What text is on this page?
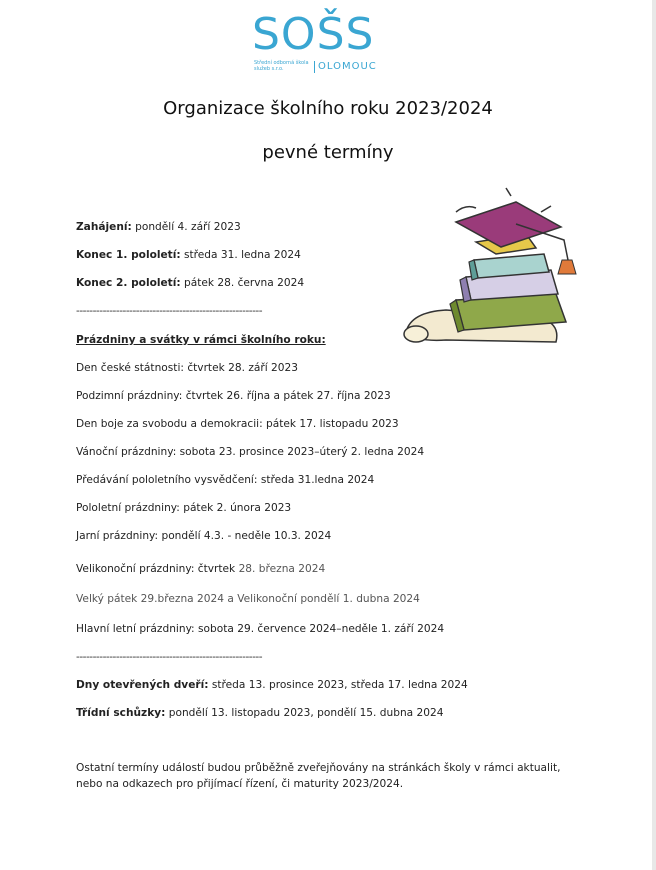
SOŠS
Střední odborná škola služeb s.r.o.	OLOMOUC
Organizace školního roku 2023/2024
pevné termíny
Zahájení: pondělí 4. září 2023
Konec 1. pololetí: středa 31. ledna 2024
Konec 2. pololetí: pátek 28. června 2024
--------------------------------------------------------
Prázdniny a svátky v rámci školního roku:
Den české státnosti: čtvrtek 28. září 2023
Podzimní prázdniny: čtvrtek 26. října a pátek 27. října 2023
Den boje za svobodu a demokracii: pátek 17. listopadu 2023
Vánoční prázdniny: sobota 23. prosince 2023–úterý 2. ledna 2024
Předávání pololetního vysvědčení: středa 31.ledna 2024
Pololetní prázdniny: pátek 2. února 2023
Jarní prázdniny: pondělí 4.3. - neděle 10.3. 2024
Velikonoční prázdniny: čtvrtek 28. března 2024
Velký pátek 29.března 2024 a Velikonoční pondělí 1. dubna 2024
Hlavní letní prázdniny: sobota 29. července 2024–neděle 1. září 2024
--------------------------------------------------------
Dny otevřených dveří: středa 13. prosince 2023, středa 17. ledna 2024
Třídní schůzky: pondělí 13. listopadu 2023, pondělí 15. dubna 2024
Ostatní termíny událostí budou průběžně zveřejňovány na stránkách školy v rámci aktualit, nebo na odkazech pro přijímací řízení, či maturity 2023/2024.
